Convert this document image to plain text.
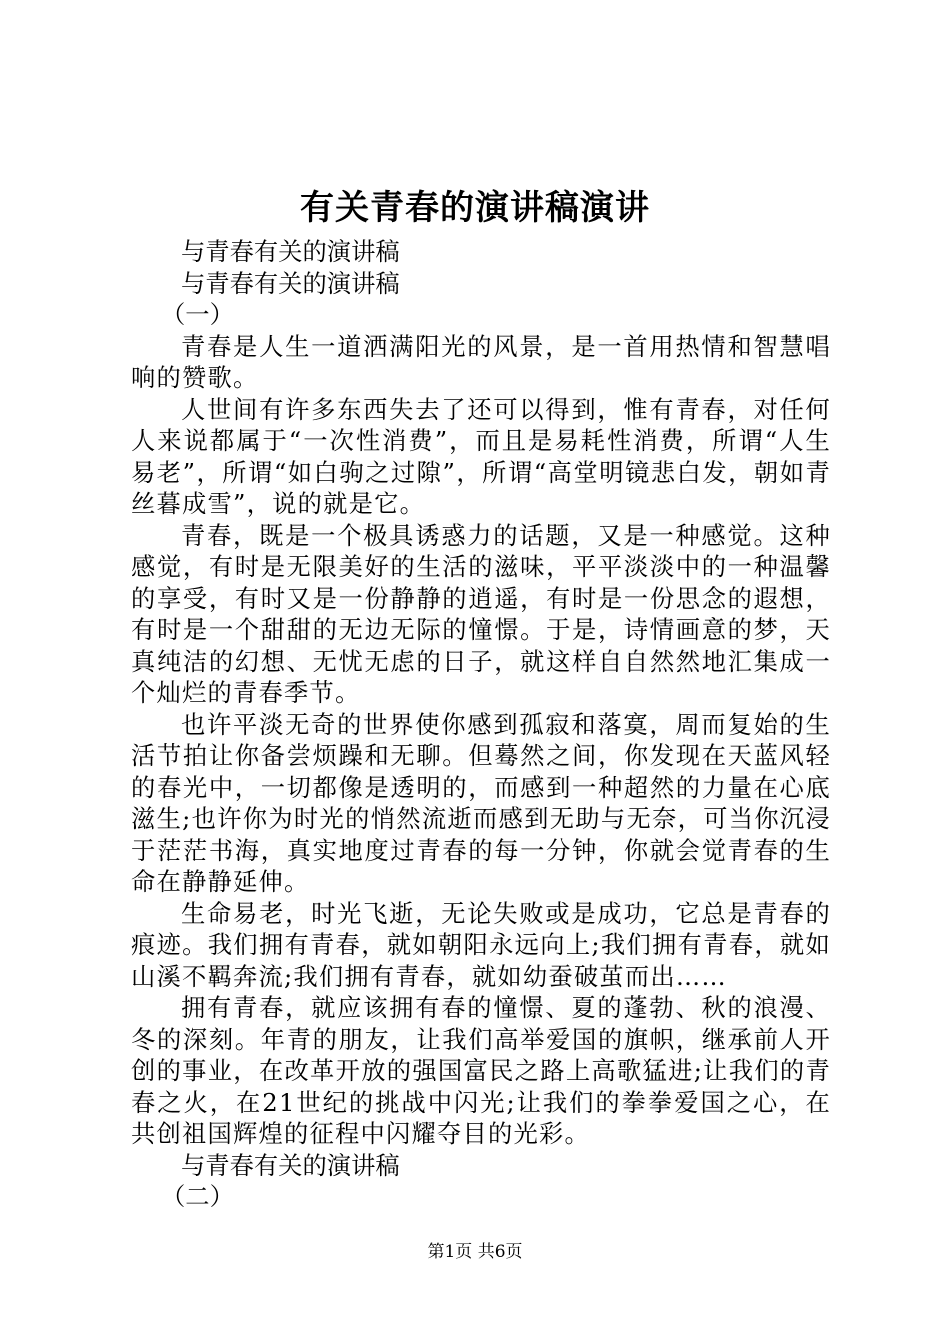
有关青春的演讲稿演讲
与青春有关的演讲稿
与青春有关的演讲稿
（一）

青春是人生一道洒满阳光的风景，是一首用热情和智慧唱响的赞歌。

人世间有许多东西失去了还可以得到，惟有青春，对任何人来说都属于“一次性消费”，而且是易耗性消费，所谓“人生易老”，所谓“如白驹之过隙”，所谓“高堂明镜悲白发，朝如青丝暮成雪”，说的就是它。

青春，既是一个极具诱惑力的话题，又是一种感觉。这种感觉，有时是无限美好的生活的滋味，平平淡淡中的一种温馨的享受，有时又是一份静静的逍遥，有时是一份思念的遐想，有时是一个甜甜的无边无际的憧憬。于是，诗情画意的梦，天真纯洁的幻想、无忧无虑的日子，就这样自自然然地汇集成一个灿烂的青春季节。

也许平淡无奇的世界使你感到孤寂和落寞，周而复始的生活节拍让你备尝烦躁和无聊。但蓦然之间，你发现在天蓝风轻的春光中，一切都像是透明的，而感到一种超然的力量在心底滋生;也许你为时光的悄然流逝而感到无助与无奈，可当你沉浸于茫茫书海，真实地度过青春的每一分钟，你就会觉青春的生命在静静延伸。

生命易老，时光飞逝，无论失败或是成功，它总是青春的痕迹。我们拥有青春，就如朝阳永远向上;我们拥有青春，就如山溪不羁奔流;我们拥有青春，就如幼蚕破茧而出……

拥有青春，就应该拥有春的憧憬、夏的蓬勃、秋的浪漫、冬的深刻。年青的朋友，让我们高举爱国的旗帜，继承前人开创的事业，在改革开放的强国富民之路上高歌猛进;让我们的青春之火，在21世纪的挑战中闪光;让我们的拳拳爱国之心，在共创祖国辉煌的征程中闪耀夺目的光彩。

与青春有关的演讲稿
（二）
第1页 共6页
